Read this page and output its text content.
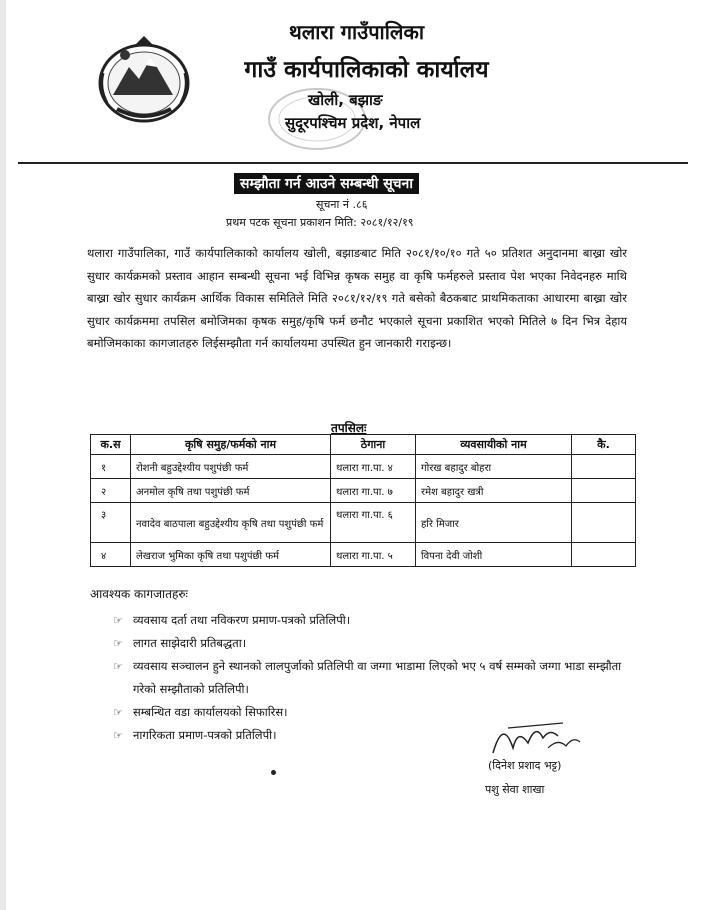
थलारा गाउँपालिका
गाउँ कार्यपालिकाको कार्यालय
खोली, बझाङ
सुदूरपश्चिम प्रदेश, नेपाल
सम्झौता गर्न आउने सम्बन्धी सूचना
सूचना नं .८६
प्रथम पटक सूचना प्रकाशन मिति: २०८१/१२/१९
थलारा गाउँपालिका, गाउँ कार्यपालिकाको कार्यालय खोली, बझाङबाट मिति २०८१/१०/१० गते ५० प्रतिशत अनुदानमा बाख्रा खोर सुधार कार्यक्रमको प्रस्ताव आहान सम्बन्धी सूचना भई विभिन्न कृषक समुह वा कृषि फर्महरुले प्रस्ताव पेश भएका निवेदनहरु माथि बाख्रा खोर सुधार कार्यक्रम आर्थिक विकास समितिले मिति २०८१/१२/१९ गते बसेको बैठकबाट प्राथमिकताका आधारमा बाख्रा खोर सुधार कार्यक्रममा तपसिल बमोजिमका कृषक समुह/कृषि फर्म छनौट भएकाले सूचना प्रकाशित भएको मितिले ७ दिन भित्र देहाय बमोजिमकाका कागजातहरु लिईसम्झौता गर्न कार्यालयमा उपस्थित हुन जानकारी गराइन्छ।
तपसिलः
क.स	कृषि समुह/फर्मको नाम	ठेगाना	व्यवसायीको नाम	कै.
१	रोशनी बहुउद्देश्यीय पशुपंछी फर्म	थलारा गा.पा. ४	गोरख बहादुर बोहरा	
२	अनमोल कृषि तथा पशुपंछी फर्म	थलारा गा.पा. ७	रमेश बहादुर खत्री	
३	नवादेव बाठपाला बहुउद्देश्यीय कृषि तथा पशुपंछी फर्म	थलारा गा.पा. ६	हरि मिजार	
४	लेखराज भुमिका कृषि तथा पशुपंछी फर्म	थलारा गा.पा. ५	विपना देवी जोशी	
आवश्यक कागजातहरुः
☞ व्यवसाय दर्ता तथा नविकरण प्रमाण-पत्रको प्रतिलिपी।
☞ लागत साझेदारी प्रतिबद्धता।
☞ व्यवसाय सञ्चालन हुने स्थानको लालपुर्जाको प्रतिलिपी वा जग्गा भाडामा लिएको भए ५ वर्ष सम्मको जग्गा भाडा सम्झौता गरेको सम्झौताको प्रतिलिपी।
☞ सम्बन्धित वडा कार्यालयको सिफारिस।
☞ नागरिकता प्रमाण-पत्रको प्रतिलिपी।
(दिनेश प्रशाद भट्ट)
पशु सेवा शाखा
